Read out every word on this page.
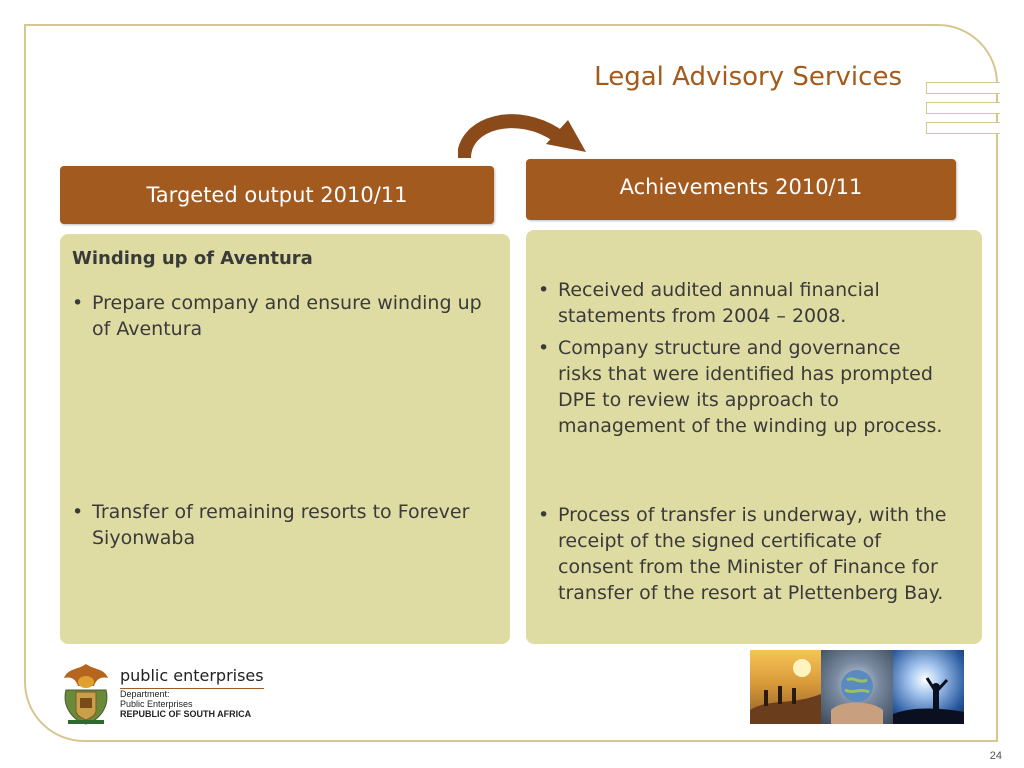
Legal Advisory Services
Targeted output 2010/11	Achievements 2010/11
Winding up of Aventura
• Prepare company and ensure winding up of Aventura
• Transfer of remaining resorts to Forever Siyonwaba
• Received audited annual financial statements from 2004 – 2008.
• Company structure and governance risks that were identified has prompted DPE to review its approach to management of the winding up process.
• Process of transfer is underway, with the receipt of the signed certificate of consent from the Minister of Finance for transfer of the resort at Plettenberg Bay.
public enterprises
Department:
Public Enterprises
REPUBLIC OF SOUTH AFRICA
24
